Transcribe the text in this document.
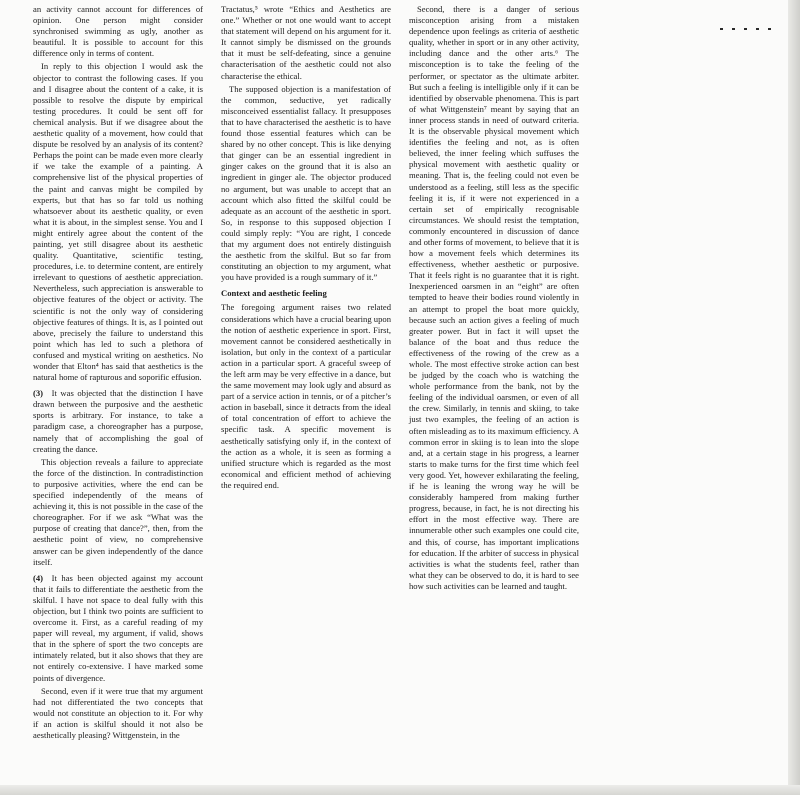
an activity cannot account for differences of opinion. One person might consider synchronised swimming as ugly, another as beautiful. It is possible to account for this difference only in terms of content.

In reply to this objection I would ask the objector to contrast the following cases. If you and I disagree about the content of a cake, it is possible to resolve the dispute by empirical testing procedures. It could be sent off for chemical analysis. But if we disagree about the aesthetic quality of a movement, how could that dispute be resolved by an analysis of its content? Perhaps the point can be made even more clearly if we take the example of a painting. A comprehensive list of the physical properties of the paint and canvas might be compiled by experts, but that has so far told us nothing whatsoever about its aesthetic quality, or even what it is about, in the simplest sense. You and I might entirely agree about the content of the painting, yet still disagree about its aesthetic quality. Quantitative, scientific testing, procedures, i.e. to determine content, are entirely irrelevant to questions of aesthetic appreciation. Nevertheless, such appreciation is answerable to objective features of the object or activity. The scientific is not the only way of considering objective features of things. It is, as I pointed out above, precisely the failure to understand this point which has led to such a plethora of confused and mystical writing on aesthetics. No wonder that Elton⁴ has said that aesthetics is the natural home of rapturous and soporific effusion.

(3)  It was objected that the distinction I have drawn between the purposive and the aesthetic sports is arbitrary. For instance, to take a paradigm case, a choreographer has a purpose, namely that of accomplishing the goal of creating the dance.

This objection reveals a failure to appreciate the force of the distinction. In contradistinction to purposive activities, where the end can be specified independently of the means of achieving it, this is not possible in the case of the choreographer. For if we ask “What was the purpose of creating that dance?”, then, from the aesthetic point of view, no comprehensive answer can be given independently of the dance itself.

(4)  It has been objected against my account that it fails to differentiate the aesthetic from the skilful. I have not space to deal fully with this objection, but I think two points are sufficient to overcome it. First, as a careful reading of my paper will reveal, my argument, if valid, shows that in the sphere of sport the two concepts are intimately related, but it also shows that they are not entirely co-extensive. I have marked some points of divergence.

Second, even if it were true that my argument had not differentiated the two concepts that would not constitute an objection to it. For why if an action is skilful should it not also be aesthetically pleasing? Wittgenstein, in the

Tractatus,⁵ wrote “Ethics and Aesthetics are one.” Whether or not one would want to accept that statement will depend on his argument for it. It cannot simply be dismissed on the grounds that it must be self-defeating, since a genuine characterisation of the aesthetic could not also characterise the ethical.

The supposed objection is a manifestation of the common, seductive, yet radically misconceived essentialist fallacy. It presupposes that to have characterised the aesthetic is to have found those essential features which can be shared by no other concept. This is like denying that ginger can be an essential ingredient in ginger cakes on the ground that it is also an ingredient in ginger ale. The objector produced no argument, but was unable to accept that an account which also fitted the skilful could be adequate as an account of the aesthetic in sport. So, in response to this supposed objection I could simply reply: “You are right, I concede that my argument does not entirely distinguish the aesthetic from the skilful. But so far from constituting an objection to my argument, what you have provided is a rough summary of it.”

Context and aesthetic feeling

The foregoing argument raises two related considerations which have a crucial bearing upon the notion of aesthetic experience in sport. First, movement cannot be considered aesthetically in isolation, but only in the context of a particular action in a particular sport. A graceful sweep of the left arm may be very effective in a dance, but the same movement may look ugly and absurd as part of a service action in tennis, or of a pitcher’s action in baseball, since it detracts from the ideal of total concentration of effort to achieve the specific task. A specific movement is aesthetically satisfying only if, in the context of the action as a whole, it is seen as forming a unified structure which is regarded as the most economical and efficient method of achieving the required end.

Second, there is a danger of serious misconception arising from a mistaken dependence upon feelings as criteria of aesthetic quality, whether in sport or in any other activity, including dance and the other arts.⁶ The misconception is to take the feeling of the performer, or spectator as the ultimate arbiter. But such a feeling is intelligible only if it can be identified by observable phenomena. This is part of what Wittgenstein⁷ meant by saying that an inner process stands in need of outward criteria. It is the observable physical movement which identifies the feeling and not, as is often believed, the inner feeling which suffuses the physical movement with aesthetic quality or meaning. That is, the feeling could not even be understood as a feeling, still less as the specific feeling it is, if it were not experienced in a certain set of empirically recognisable circumstances. We should resist the temptation, commonly encountered in discussion of dance and other forms of movement, to believe that it is how a movement feels which determines its effectiveness, whether aesthetic or purposive. That it feels right is no guarantee that it is right. Inexperienced oarsmen in an “eight” are often tempted to heave their bodies round violently in an attempt to propel the boat more quickly, because such an action gives a feeling of much greater power. But in fact it will upset the balance of the boat and thus reduce the effectiveness of the rowing of the crew as a whole. The most effective stroke action can best be judged by the coach who is watching the whole performance from the bank, not by the feeling of the individual oarsmen, or even of all the crew. Similarly, in tennis and skiing, to take just two examples, the feeling of an action is often misleading as to its maximum efficiency. A common error in skiing is to lean into the slope and, at a certain stage in his progress, a learner starts to make turns for the first time which feel very good. Yet, however exhilarating the feeling, if he is leaning the wrong way he will be considerably hampered from making further progress, because, in fact, he is not directing his effort in the most effective way. There are innumerable other such examples one could cite, and this, of course, has important implications for education. If the arbiter of success in physical activities is what the students feel, rather than what they can be observed to do, it is hard to see how such activities can be learned and taught.
